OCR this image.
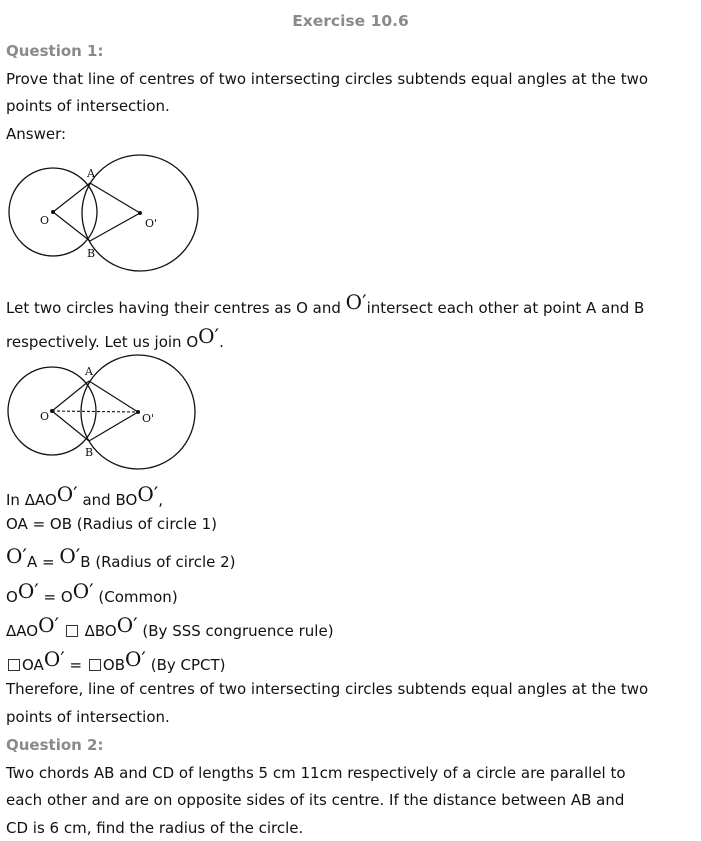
Exercise 10.6
Question 1:
Prove that line of centres of two intersecting circles subtends equal angles at the two
points of intersection.
Answer:
A
B
O	O'
Let two circles having their centres as O and O′intersect each other at point A and B
respectively. Let us join OO′.
A
B
O	O'
In ΔAOO′ and BOO′,
OA = OB (Radius of circle 1)
O′A = O′B (Radius of circle 2)
OO′ = OO′ (Common)
ΔAOO′ ΔBOO′ (By SSS congruence rule)
OAO′ = OBO′ (By CPCT)
Therefore, line of centres of two intersecting circles subtends equal angles at the two
points of intersection.
Question 2:
Two chords AB and CD of lengths 5 cm 11cm respectively of a circle are parallel to
each other and are on opposite sides of its centre. If the distance between AB and
CD is 6 cm, find the radius of the circle.
